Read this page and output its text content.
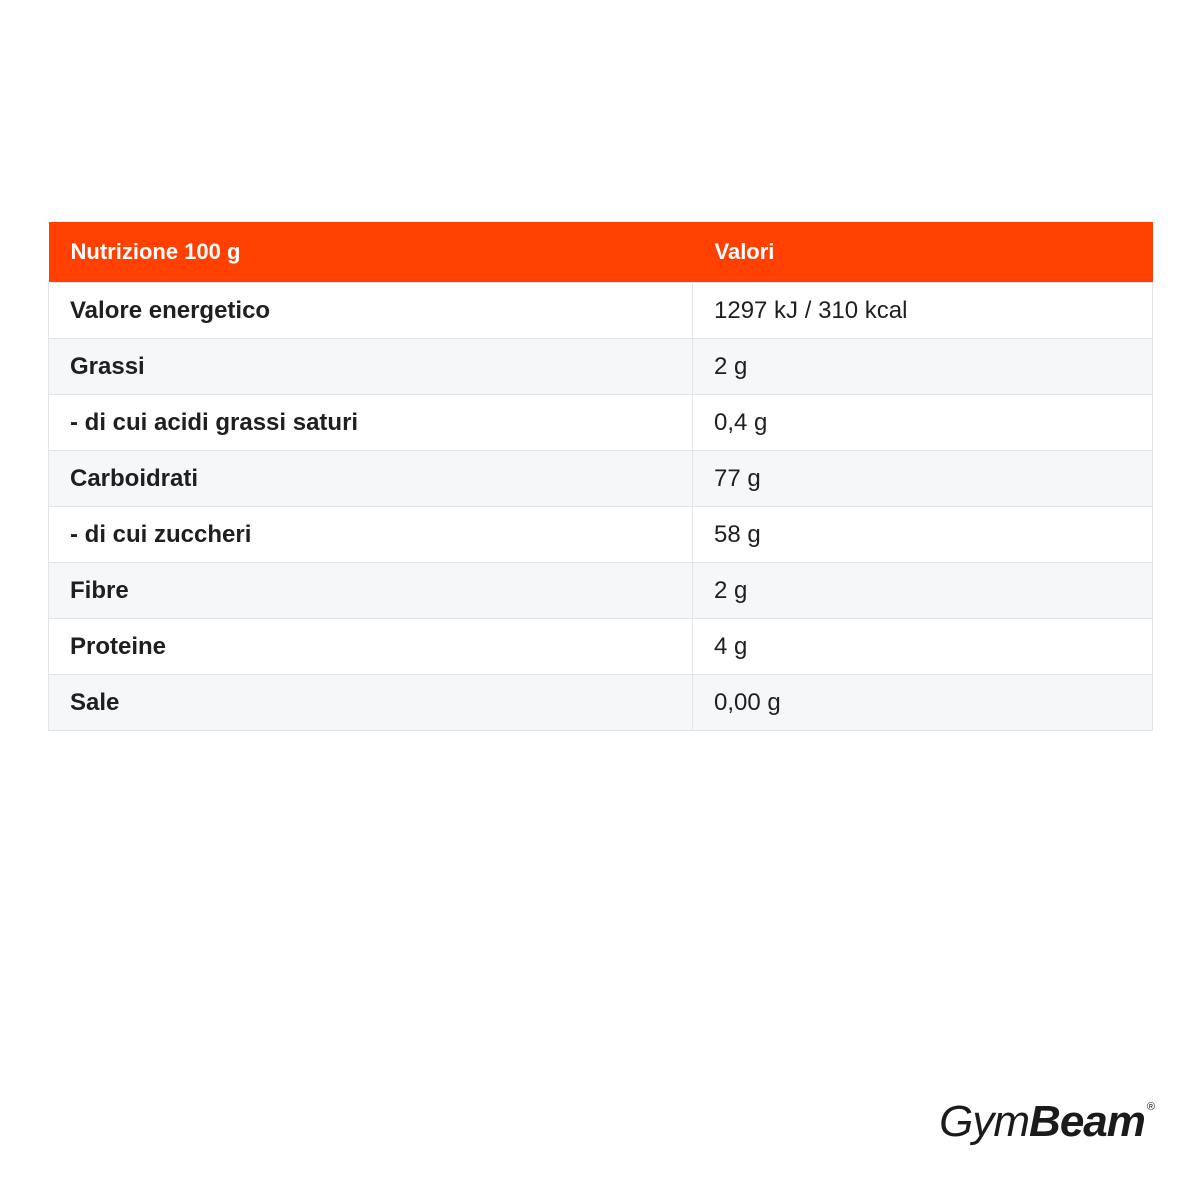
Nutrizione 100 g	Valori
Valore energetico	1297 kJ / 310 kcal
Grassi	2 g
- di cui acidi grassi saturi	0,4 g
Carboidrati	77 g
- di cui zuccheri	58 g
Fibre	2 g
Proteine	4 g
Sale	0,00 g
GymBeam ®
